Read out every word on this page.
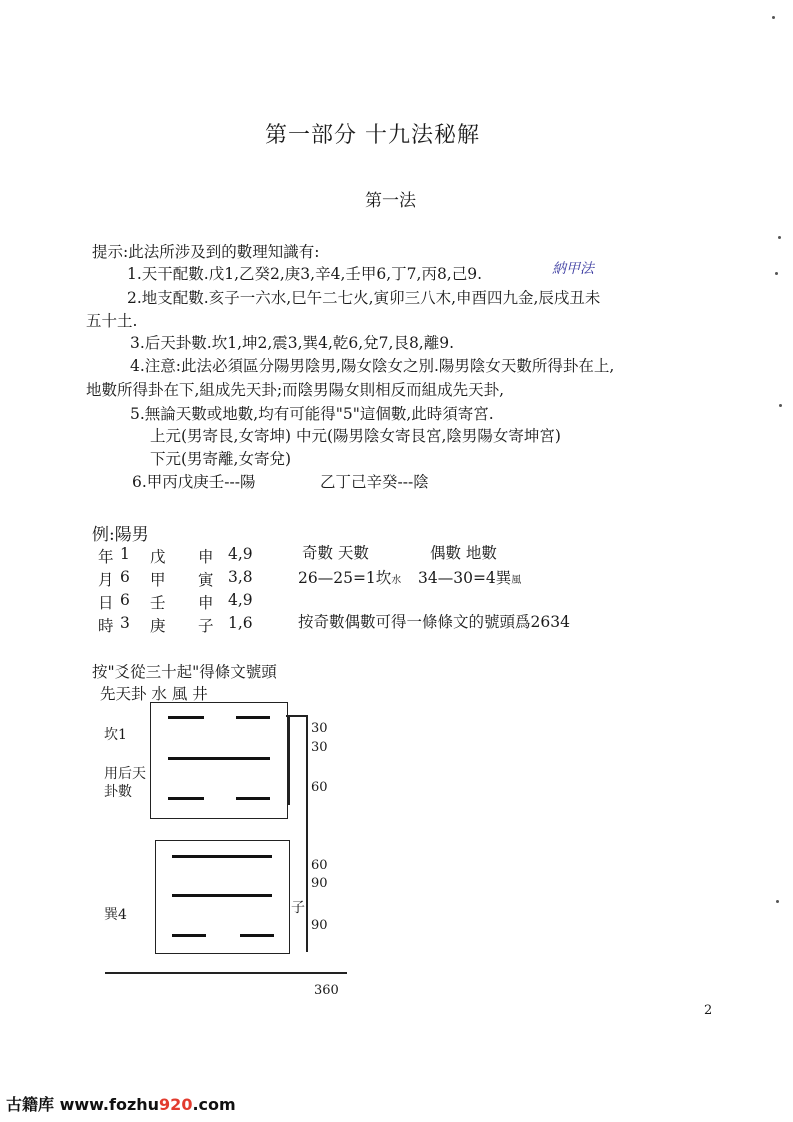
第一部分 十九法秘解
第一法
提示:此法所涉及到的數理知識有:
1.天干配數.戊1,乙癸2,庚3,辛4,壬甲6,丁7,丙8,己9.	納甲法
2.地支配數.亥子一六水,巳午二七火,寅卯三八木,申酉四九金,辰戌丑未
五十土.
3.后天卦數.坎1,坤2,震3,巽4,乾6,兌7,艮8,離9.
4.注意:此法必須區分陽男陰男,陽女陰女之別.陽男陰女天數所得卦在上,
地數所得卦在下,組成先天卦;而陰男陽女則相反而組成先天卦,
5.無論天數或地數,均有可能得"5"這個數,此時須寄宮.
上元(男寄艮,女寄坤) 中元(陽男陰女寄艮宮,陰男陽女寄坤宮)
下元(男寄離,女寄兌)
6.甲丙戊庚壬---陽	乙丁己辛癸---陰
例:陽男
年 1 戊 申 4,9
月 6 甲 寅 3,8
日 6 壬 申 4,9
時 3 庚 子 1,6
奇數 天數	偶數 地數
26—25=1坎水 34—30=4巽風
按奇數偶數可得一條條文的號頭爲2634
按"爻從三十起"得條文號頭
先天卦 水 風 井
坎1
用后天
卦數
巽4	子
30
30
60
60
90
90
360
2
古籍库 www.fozhu920.com
